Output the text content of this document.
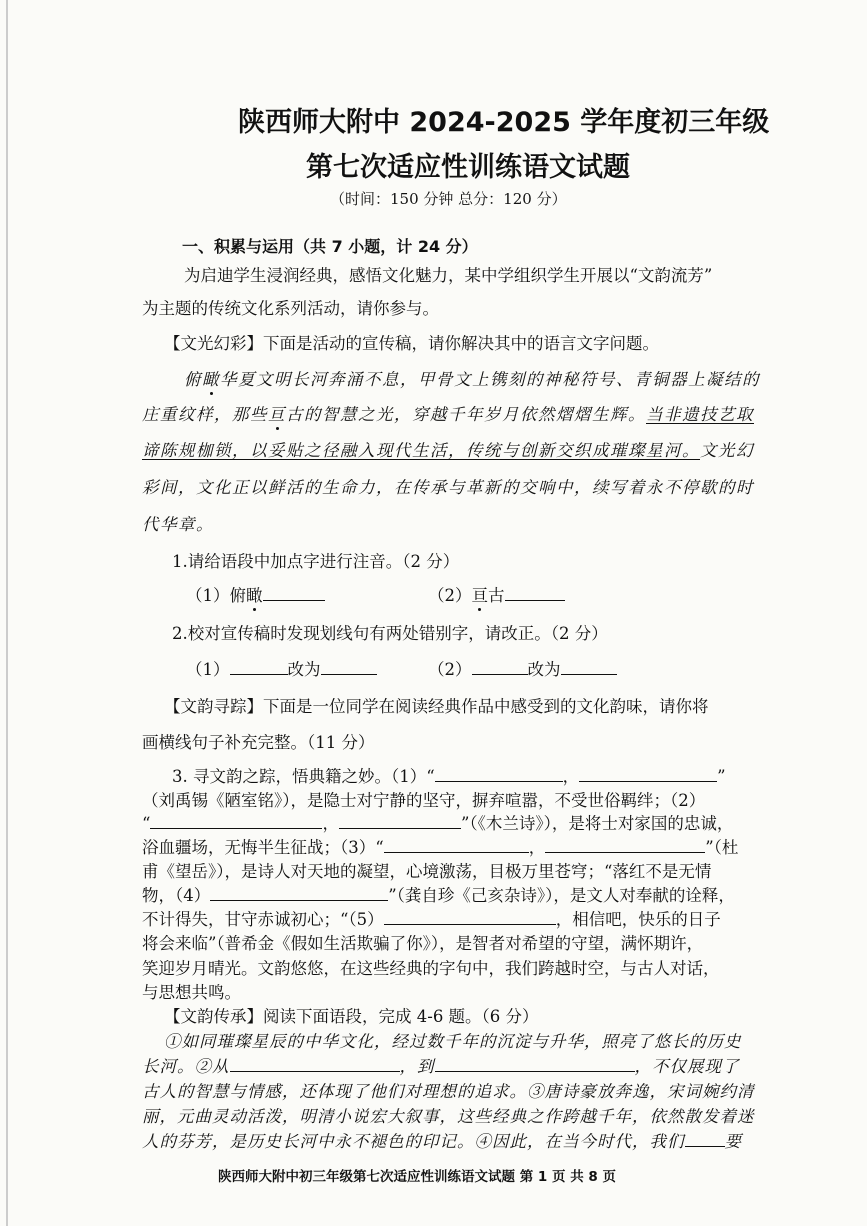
陕西师大附中 2024-2025 学年度初三年级
第七次适应性训练语文试题
（时间：150 分钟 总分：120 分）
一、积累与运用（共 7 小题，计 24 分）
为启迪学生浸润经典，感悟文化魅力，某中学组织学生开展以“文韵流芳”
为主题的传统文化系列活动，请你参与。
【文光幻彩】下面是活动的宣传稿，请你解决其中的语言文字问题。
俯瞰华夏文明长河奔涌不息，甲骨文上镌刻的神秘符号、青铜器上凝结的
庄重纹样，那些亘古的智慧之光，穿越千年岁月依然熠熠生辉。当非遗技艺取
谛陈规枷锁，以妥贴之径融入现代生活，传统与创新交织成璀璨星河。文光幻
彩间，文化正以鲜活的生命力，在传承与革新的交响中，续写着永不停歇的时
代华章。
1.请给语段中加点字进行注音。（2 分）
（1）俯瞰	（2）亘古
2.校对宣传稿时发现划线句有两处错别字，请改正。（2 分）
（1）	改为	（2）	改为
【文韵寻踪】下面是一位同学在阅读经典作品中感受到的文化韵味，请你将
画横线句子补充完整。（11 分）
3. 寻文韵之踪，悟典籍之妙。（1）“	，	”
（刘禹锡《陋室铭》），是隐士对宁静的坚守，摒弃喧嚣，不受世俗羁绊；（2）
“	，	”（《木兰诗》），是将士对家国的忠诚，
浴血疆场，无悔半生征战；（3）“	，	”（杜
甫《望岳》），是诗人对天地的凝望，心境激荡，目极万里苍穹；“落红不是无情
物，（4）	”（龚自珍《己亥杂诗》），是文人对奉献的诠释，
不计得失，甘守赤诚初心；“（5）	，相信吧，快乐的日子
将会来临”（普希金《假如生活欺骗了你》），是智者对希望的守望，满怀期许，
笑迎岁月晴光。文韵悠悠，在这些经典的字句中，我们跨越时空，与古人对话，
与思想共鸣。
【文韵传承】阅读下面语段，完成 4-6 题。（6 分）
①如同璀璨星辰的中华文化，经过数千年的沉淀与升华，照亮了悠长的历史
长河。②从	，到	，不仅展现了
古人的智慧与情感，还体现了他们对理想的追求。③唐诗豪放奔逸，宋词婉约清
丽，元曲灵动活泼，明清小说宏大叙事，这些经典之作跨越千年，依然散发着迷
人的芬芳，是历史长河中永不褪色的印记。④因此，在当今时代，我们 要
陕西师大附中初三年级第七次适应性训练语文试题 第 1 页 共 8 页
